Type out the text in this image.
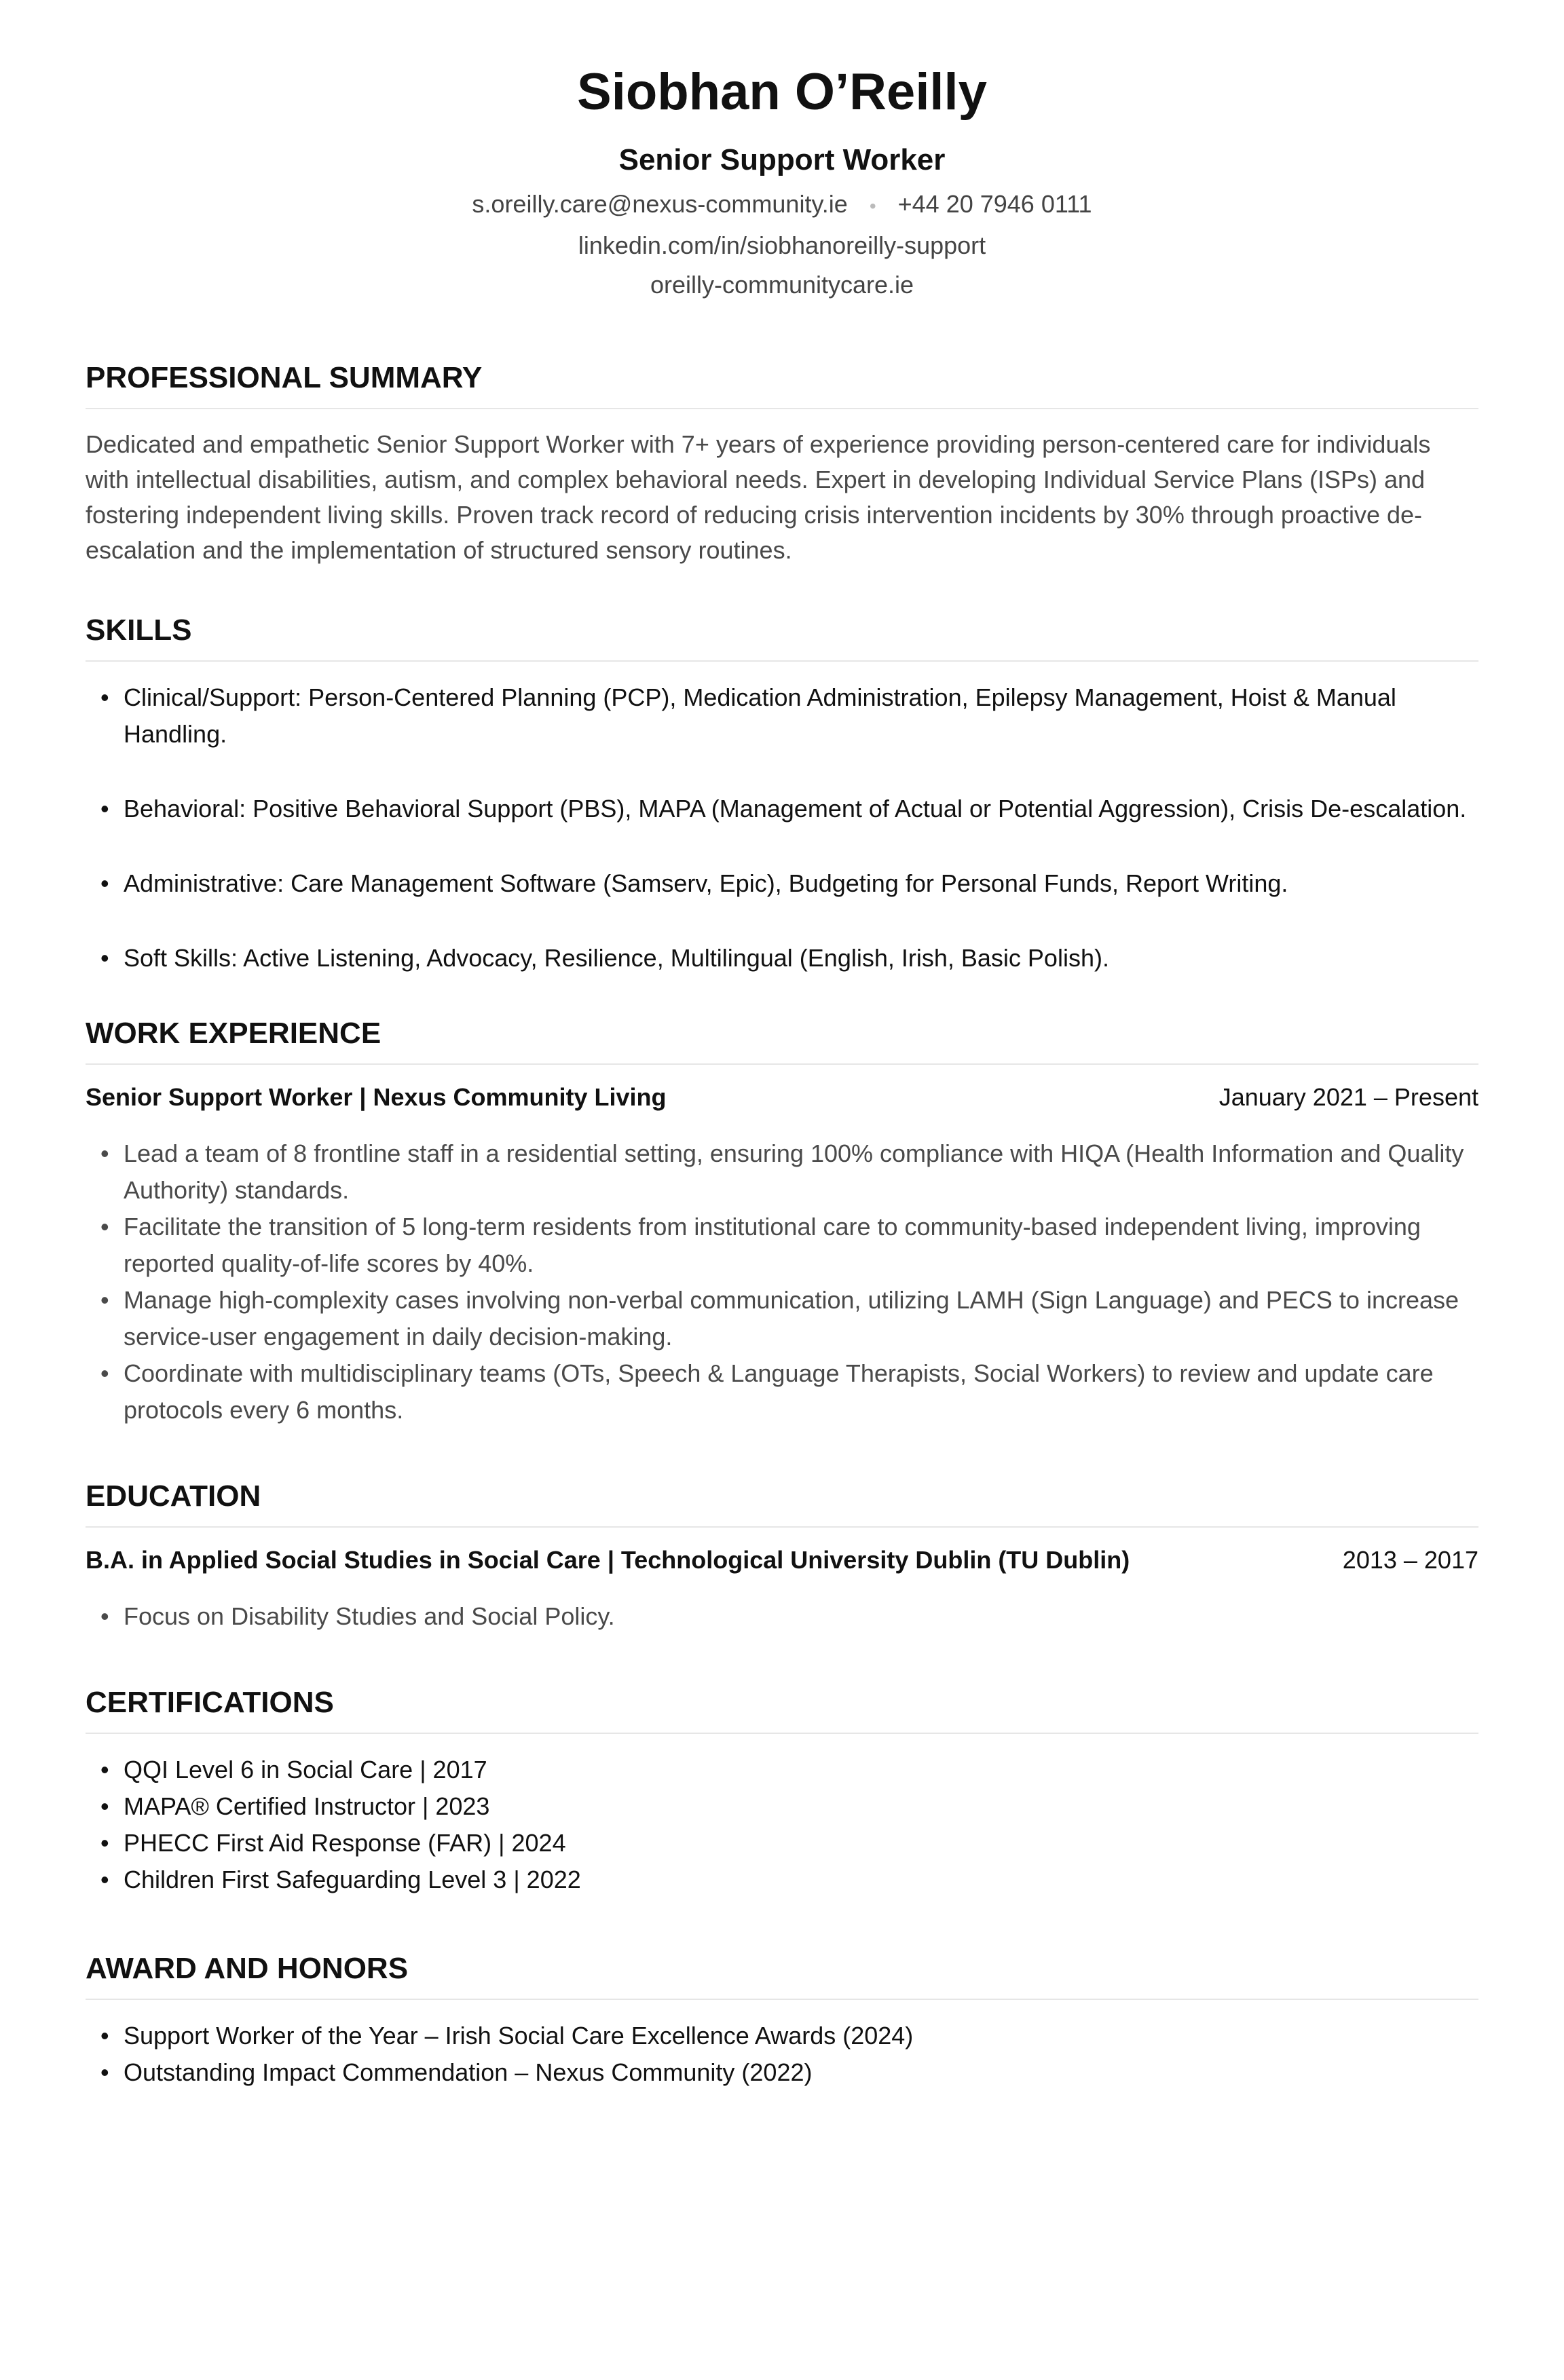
Siobhan O’Reilly
Senior Support Worker
s.oreilly.care@nexus-community.ie • +44 20 7946 0111
linkedin.com/in/siobhanoreilly-support
oreilly-communitycare.ie
PROFESSIONAL SUMMARY

Dedicated and empathetic Senior Support Worker with 7+ years of experience providing person-centered care for individuals with intellectual disabilities, autism, and complex behavioral needs. Expert in developing Individual Service Plans (ISPs) and fostering independent living skills. Proven track record of reducing crisis intervention incidents by 30% through proactive de-escalation and the implementation of structured sensory routines.

SKILLS
• Clinical/Support: Person-Centered Planning (PCP), Medication Administration, Epilepsy Management, Hoist & Manual Handling.
• Behavioral: Positive Behavioral Support (PBS), MAPA (Management of Actual or Potential Aggression), Crisis De-escalation.
• Administrative: Care Management Software (Samserv, Epic), Budgeting for Personal Funds, Report Writing.
• Soft Skills: Active Listening, Advocacy, Resilience, Multilingual (English, Irish, Basic Polish).
WORK EXPERIENCE
Senior Support Worker | Nexus Community Living	January 2021 – Present
• Lead a team of 8 frontline staff in a residential setting, ensuring 100% compliance with HIQA (Health Information and Quality Authority) standards.
• Facilitate the transition of 5 long-term residents from institutional care to community-based independent living, improving reported quality-of-life scores by 40%.
• Manage high-complexity cases involving non-verbal communication, utilizing LAMH (Sign Language) and PECS to increase service-user engagement in daily decision-making.
• Coordinate with multidisciplinary teams (OTs, Speech & Language Therapists, Social Workers) to review and update care protocols every 6 months.
EDUCATION
B.A. in Applied Social Studies in Social Care | Technological University Dublin (TU Dublin)	2013 – 2017
• Focus on Disability Studies and Social Policy.
CERTIFICATIONS
• QQI Level 6 in Social Care | 2017
• MAPA® Certified Instructor | 2023
• PHECC First Aid Response (FAR) | 2024
• Children First Safeguarding Level 3 | 2022
AWARD AND HONORS
• Support Worker of the Year – Irish Social Care Excellence Awards (2024)
• Outstanding Impact Commendation – Nexus Community (2022)
